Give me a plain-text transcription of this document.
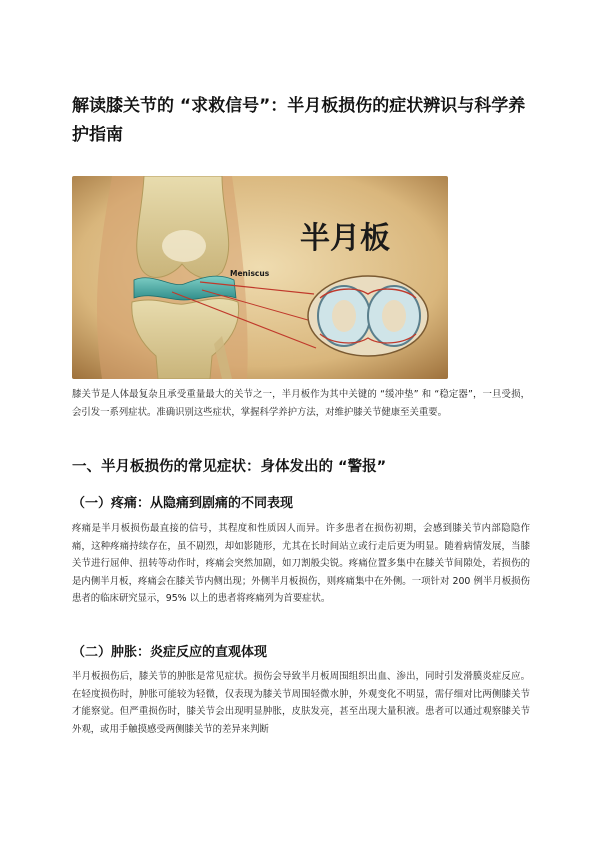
解读膝关节的 “求救信号”：半月板损伤的症状辨识与科学养护指南
半月板
Meniscus

膝关节是人体最复杂且承受重量最大的关节之一，半月板作为其中关键的 “缓冲垫” 和 “稳定器”，一旦受损，会引发一系列症状。准确识别这些症状，掌握科学养护方法，对维护膝关节健康至关重要。

一、半月板损伤的常见症状：身体发出的 “警报”
（一）疼痛：从隐痛到剧痛的不同表现

疼痛是半月板损伤最直接的信号，其程度和性质因人而异。许多患者在损伤初期，会感到膝关节内部隐隐作痛，这种疼痛持续存在，虽不剧烈，却如影随形，尤其在长时间站立或行走后更为明显。随着病情发展，当膝关节进行屈伸、扭转等动作时，疼痛会突然加剧，如刀割般尖锐。疼痛位置多集中在膝关节间隙处，若损伤的是内侧半月板，疼痛会在膝关节内侧出现；外侧半月板损伤，则疼痛集中在外侧。一项针对 200 例半月板损伤患者的临床研究显示，95% 以上的患者将疼痛列为首要症状。

（二）肿胀：炎症反应的直观体现

半月板损伤后，膝关节的肿胀是常见症状。损伤会导致半月板周围组织出血、渗出，同时引发滑膜炎症反应。在轻度损伤时，肿胀可能较为轻微，仅表现为膝关节周围轻微水肿，外观变化不明显，需仔细对比两侧膝关节才能察觉。但严重损伤时，膝关节会出现明显肿胀，皮肤发亮，甚至出现大量积液。患者可以通过观察膝关节外观，或用手触摸感受两侧膝关节的差异来判断
